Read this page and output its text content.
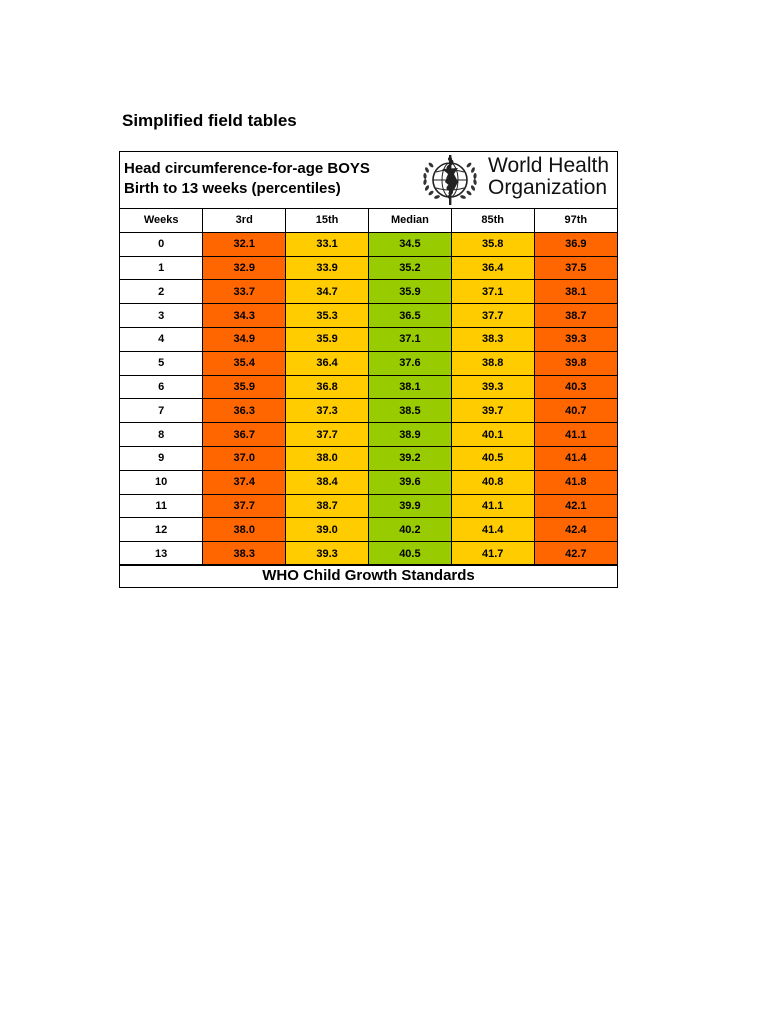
Simplified field tables
Head circumference-for-age BOYS
Birth to 13 weeks (percentiles)
World Health
Organization
Weeks	3rd	15th	Median	85th	97th
0	32.1	33.1	34.5	35.8	36.9
1	32.9	33.9	35.2	36.4	37.5
2	33.7	34.7	35.9	37.1	38.1
3	34.3	35.3	36.5	37.7	38.7
4	34.9	35.9	37.1	38.3	39.3
5	35.4	36.4	37.6	38.8	39.8
6	35.9	36.8	38.1	39.3	40.3
7	36.3	37.3	38.5	39.7	40.7
8	36.7	37.7	38.9	40.1	41.1
9	37.0	38.0	39.2	40.5	41.4
10	37.4	38.4	39.6	40.8	41.8
11	37.7	38.7	39.9	41.1	42.1
12	38.0	39.0	40.2	41.4	42.4
13	38.3	39.3	40.5	41.7	42.7
WHO Child Growth Standards
